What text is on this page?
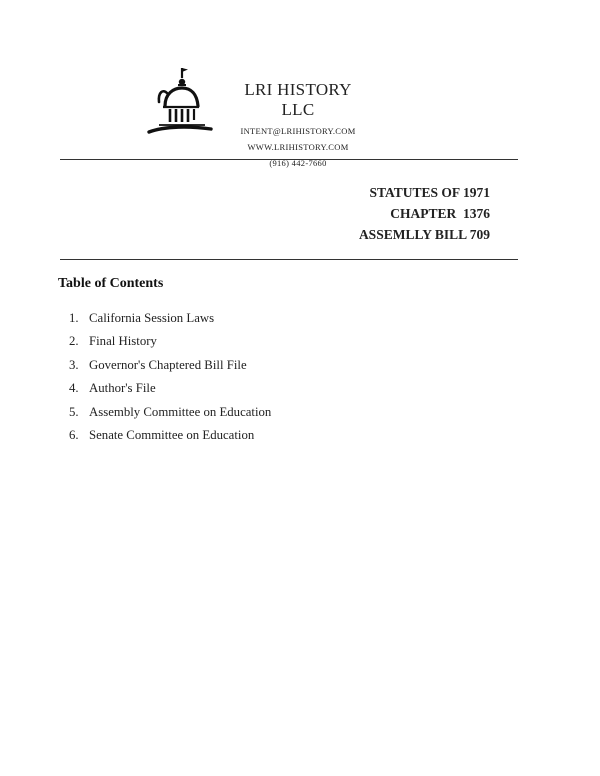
LRI HISTORY LLC
INTENT@LRIHISTORY.COM
WWW.LRIHISTORY.COM
(916) 442-7660
STATUTES OF 1971
CHAPTER  1376
ASSEMLLY BILL 709
Table of Contents
1. California Session Laws
2. Final History
3. Governor's Chaptered Bill File
4. Author's File
5. Assembly Committee on Education
6. Senate Committee on Education
